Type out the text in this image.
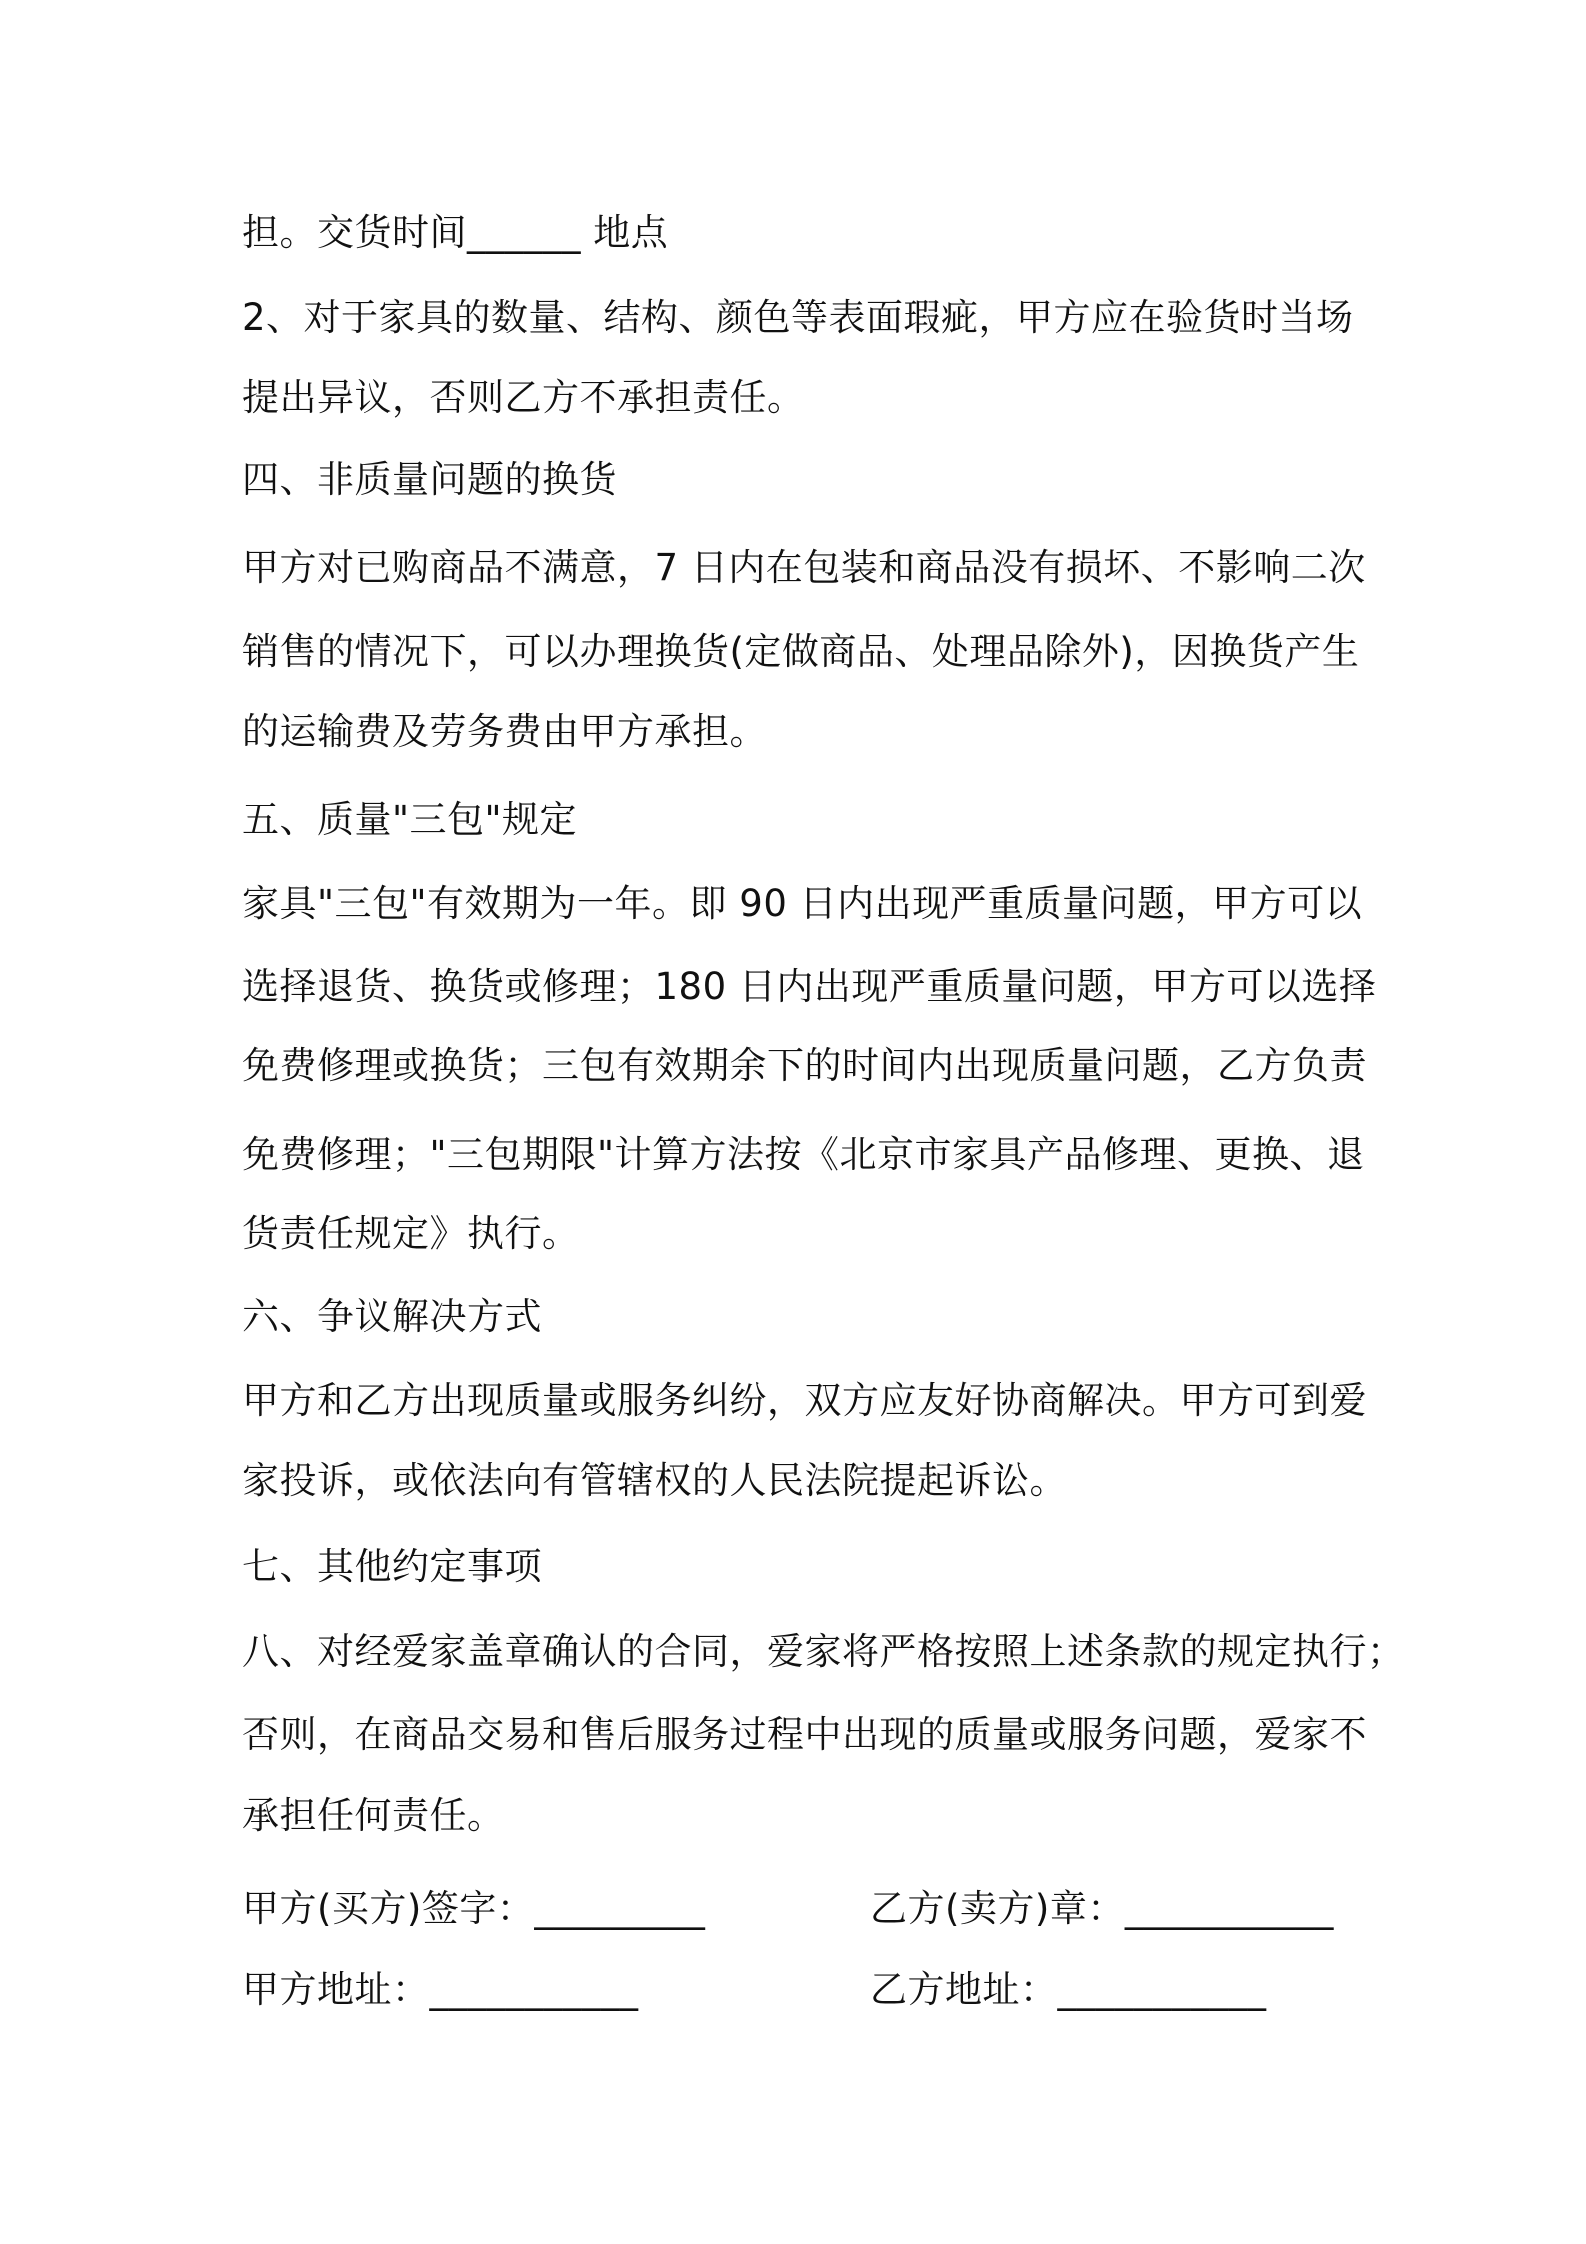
担。交货时间______ 地点

2、对于家具的数量、结构、颜色等表面瑕疵，甲方应在验货时当场

提出异议，否则乙方不承担责任。

四、非质量问题的换货

甲方对已购商品不满意，7 日内在包装和商品没有损坏、不影响二次

销售的情况下，可以办理换货(定做商品、处理品除外)，因换货产生

的运输费及劳务费由甲方承担。

五、质量"三包"规定

家具"三包"有效期为一年。即 90 日内出现严重质量问题，甲方可以

选择退货、换货或修理；180 日内出现严重质量问题，甲方可以选择

免费修理或换货；三包有效期余下的时间内出现质量问题，乙方负责

免费修理；"三包期限"计算方法按《北京市家具产品修理、更换、退

货责任规定》执行。

六、争议解决方式

甲方和乙方出现质量或服务纠纷，双方应友好协商解决。甲方可到爱

家投诉，或依法向有管辖权的人民法院提起诉讼。

七、其他约定事项

八、对经爱家盖章确认的合同，爱家将严格按照上述条款的规定执行；

否则，在商品交易和售后服务过程中出现的质量或服务问题，爱家不

承担任何责任。

甲方(买方)签字：_________	乙方(卖方)章：___________

甲方地址：___________	乙方地址：___________
